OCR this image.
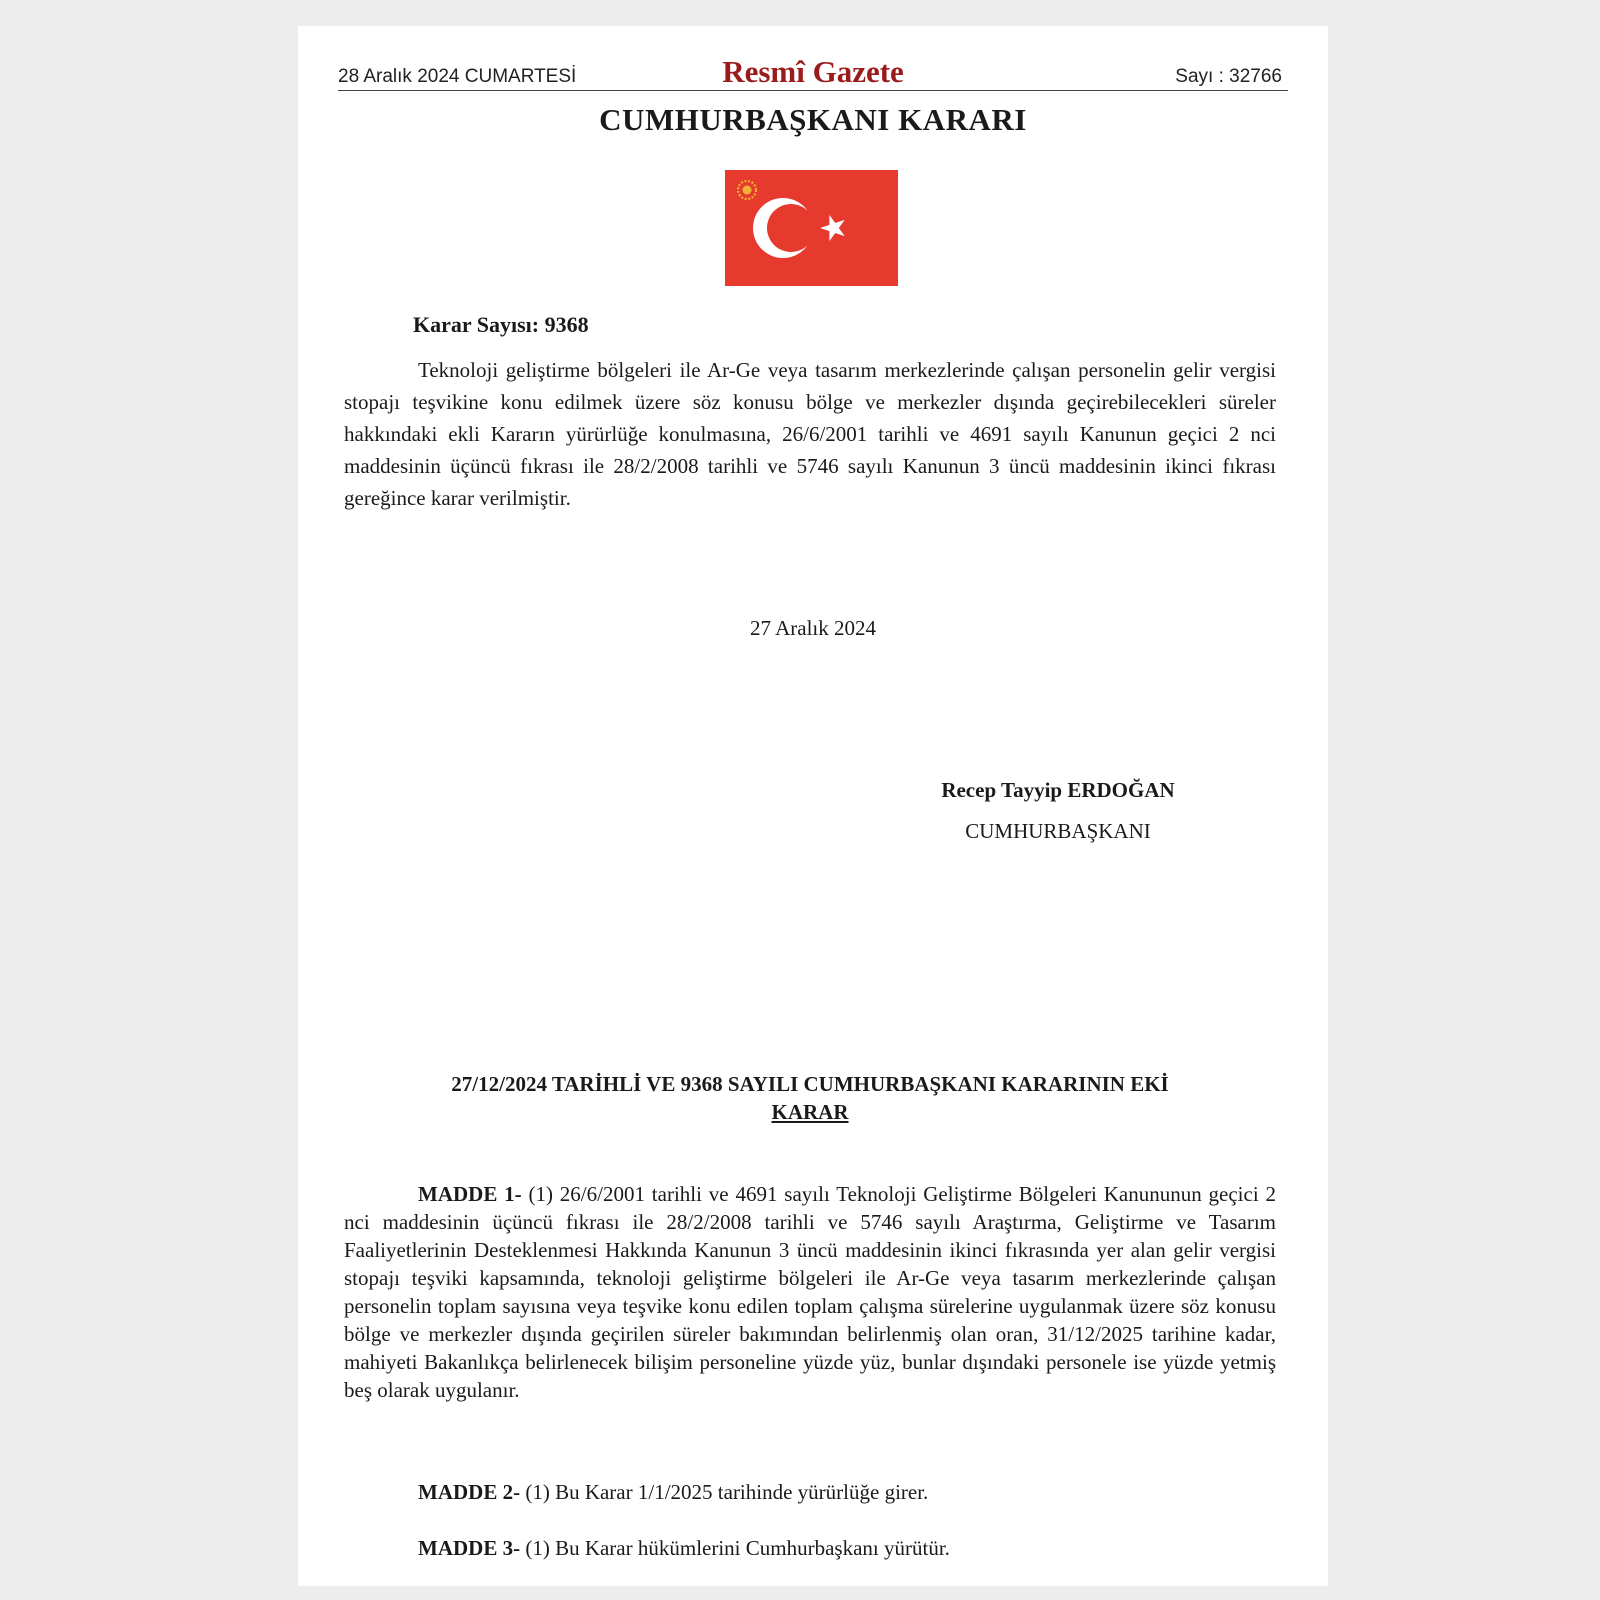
28 Aralık 2024 CUMARTESİ	Resmî Gazete	Sayı : 32766
CUMHURBAŞKANI KARARI
Karar Sayısı: 9368

Teknoloji geliştirme bölgeleri ile Ar-Ge veya tasarım merkezlerinde çalışan personelin gelir vergisi stopajı teşvikine konu edilmek üzere söz konusu bölge ve merkezler dışında geçirebilecekleri süreler hakkındaki ekli Kararın yürürlüğe konulmasına, 26/6/2001 tarihli ve 4691 sayılı Kanunun geçici 2 nci maddesinin üçüncü fıkrası ile 28/2/2008 tarihli ve 5746 sayılı Kanunun 3 üncü maddesinin ikinci fıkrası gereğince karar verilmiştir.

27 Aralık 2024
Recep Tayyip ERDOĞAN
CUMHURBAŞKANI
27/12/2024 TARİHLİ VE 9368 SAYILI CUMHURBAŞKANI KARARININ EKİ
KARAR

MADDE 1- (1) 26/6/2001 tarihli ve 4691 sayılı Teknoloji Geliştirme Bölgeleri Kanununun geçici 2 nci maddesinin üçüncü fıkrası ile 28/2/2008 tarihli ve 5746 sayılı Araştırma, Geliştirme ve Tasarım Faaliyetlerinin Desteklenmesi Hakkında Kanunun 3 üncü maddesinin ikinci fıkrasında yer alan gelir vergisi stopajı teşviki kapsamında, teknoloji geliştirme bölgeleri ile Ar-Ge veya tasarım merkezlerinde çalışan personelin toplam sayısına veya teşvike konu edilen toplam çalışma sürelerine uygulanmak üzere söz konusu bölge ve merkezler dışında geçirilen süreler bakımından belirlenmiş olan oran, 31/12/2025 tarihine kadar, mahiyeti Bakanlıkça belirlenecek bilişim personeline yüzde yüz, bunlar dışındaki personele ise yüzde yetmiş beş olarak uygulanır.

MADDE 2- (1) Bu Karar 1/1/2025 tarihinde yürürlüğe girer.

MADDE 3- (1) Bu Karar hükümlerini Cumhurbaşkanı yürütür.
